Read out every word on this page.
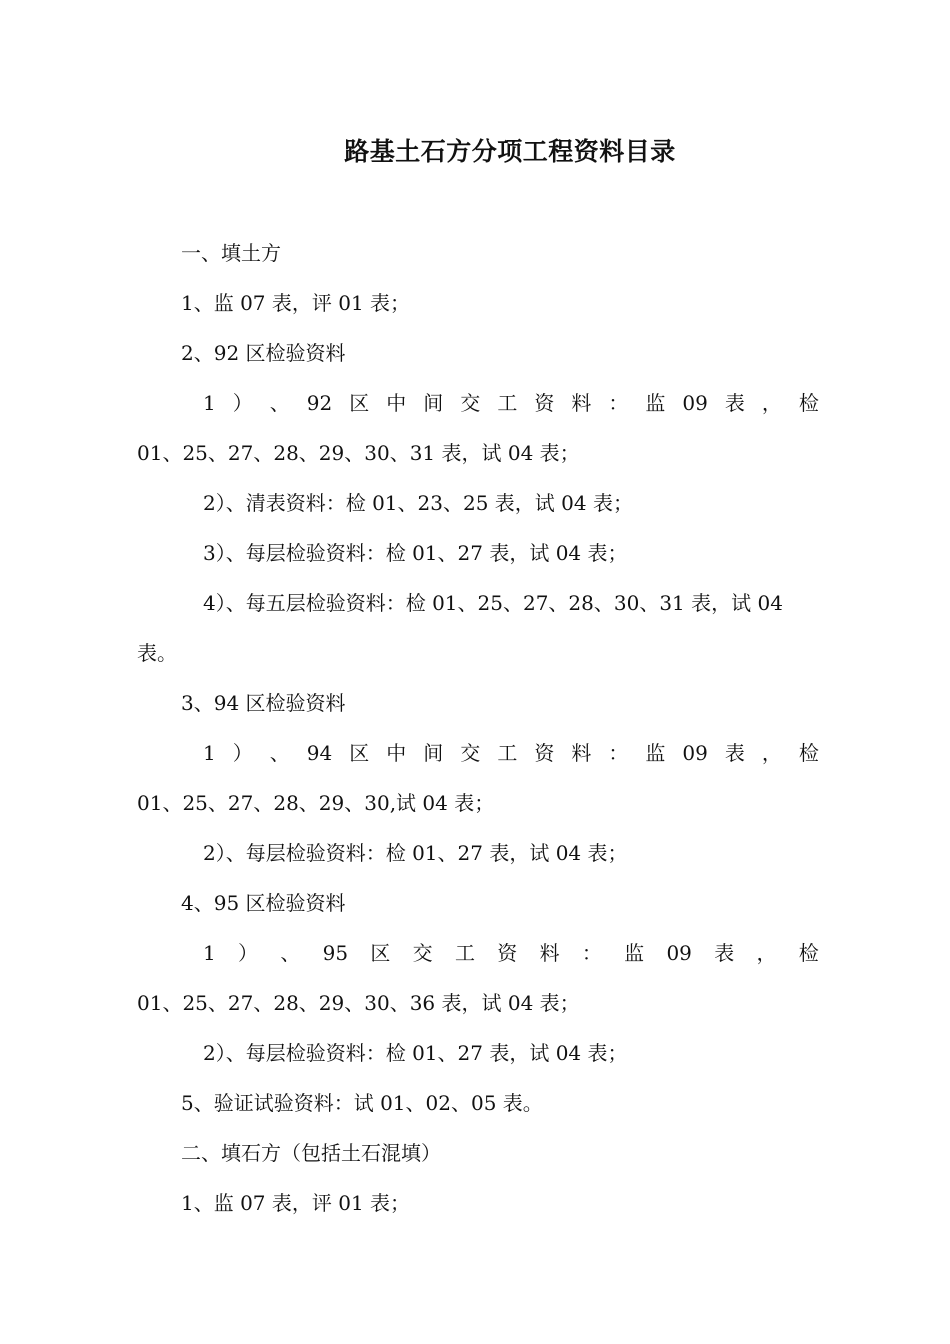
路基土石方分项工程资料目录
一、填土方
1、监 07 表，评 01 表；
2、92 区检验资料
1 ） 、 92 区 中 间 交 工 资 料 ： 监 09 表 ， 检
01、25、27、28、29、30、31 表，试 04 表；
2）、清表资料：检 01、23、25 表，试 04 表；
3）、每层检验资料：检 01、27 表，试 04 表；
4）、每五层检验资料：检 01、25、27、28、30、31 表，试 04
表。
3、94 区检验资料
1 ） 、 94 区 中 间 交 工 资 料 ： 监 09 表 ， 检
01、25、27、28、29、30,试 04 表；
2）、每层检验资料：检 01、27 表，试 04 表；
4、95 区检验资料
1 ） 、 95 区 交 工 资 料 ： 监 09 表 ， 检
01、25、27、28、29、30、36 表，试 04 表；
2）、每层检验资料：检 01、27 表，试 04 表；
5、验证试验资料：试 01、02、05 表。
二、填石方（包括土石混填）
1、监 07 表，评 01 表；
